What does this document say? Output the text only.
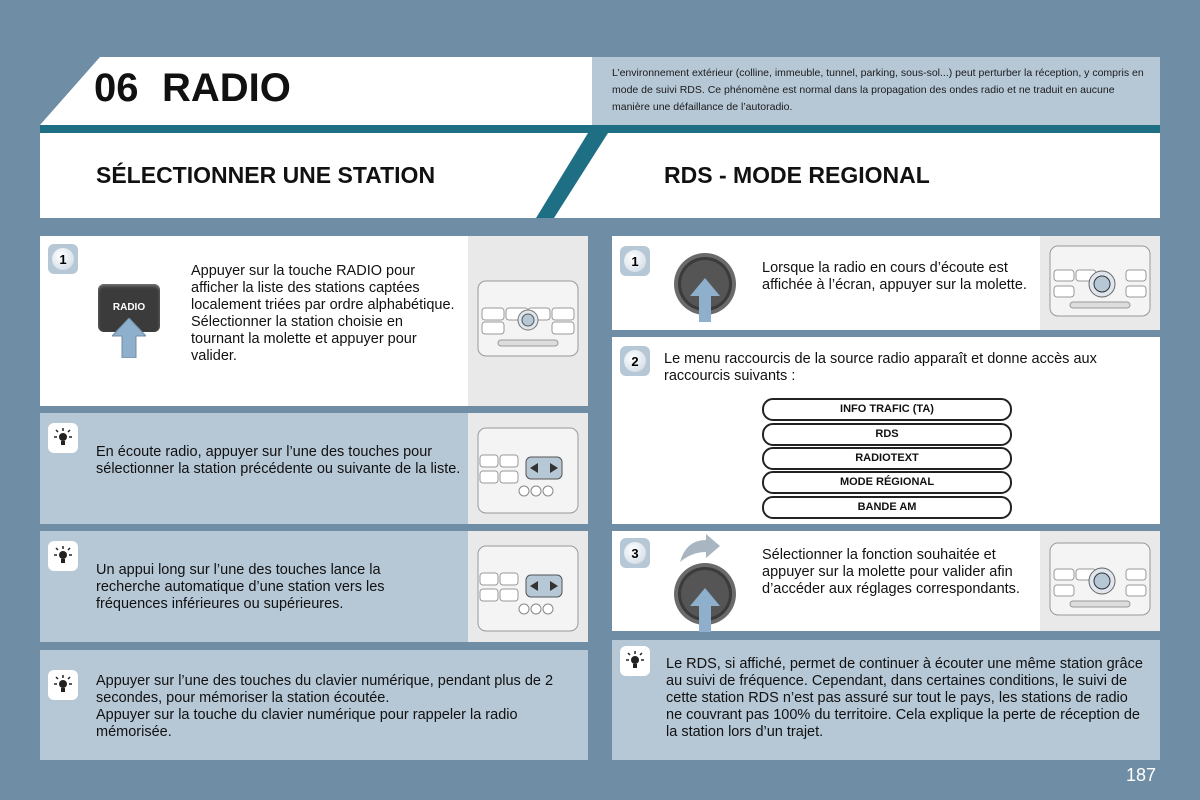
06 RADIO	L’environnement extérieur (colline, immeuble, tunnel, parking, sous-sol...) peut perturber la réception, y compris en mode de suivi RDS. Ce phénomène est normal dans la propagation des ondes radio et ne traduit en aucune manière une défaillance de l’autoradio.
SÉLECTIONNER UNE STATION	RDS - MODE REGIONAL
1
RADIO
Appuyer sur la touche RADIO pour afficher la liste des stations captées localement triées par ordre alphabétique.
Sélectionner la station choisie en tournant la molette et appuyer pour valider.
En écoute radio, appuyer sur l’une des touches pour sélectionner la station précédente ou suivante de la liste.
Un appui long sur l’une des touches lance la recherche automatique d’une station vers les fréquences inférieures ou supérieures.
Appuyer sur l’une des touches du clavier numérique, pendant plus de 2 secondes, pour mémoriser la station écoutée.
Appuyer sur la touche du clavier numérique pour rappeler la radio mémorisée.
1	Lorsque la radio en cours d’écoute est affichée à l’écran, appuyer sur la molette.
2 Le menu raccourcis de la source radio apparaît et donne accès aux raccourcis suivants :
INFO TRAFIC (TA)
RDS
RADIOTEXT
MODE RÉGIONAL
BANDE AM
3	Sélectionner la fonction souhaitée et appuyer sur la molette pour valider afin d’accéder aux réglages correspondants.
Le RDS, si affiché, permet de continuer à écouter une même station grâce au suivi de fréquence. Cependant, dans certaines conditions, le suivi de cette station RDS n’est pas assuré sur tout le pays, les stations de radio ne couvrant pas 100% du territoire. Cela explique la perte de réception de la station lors d’un trajet.
187
